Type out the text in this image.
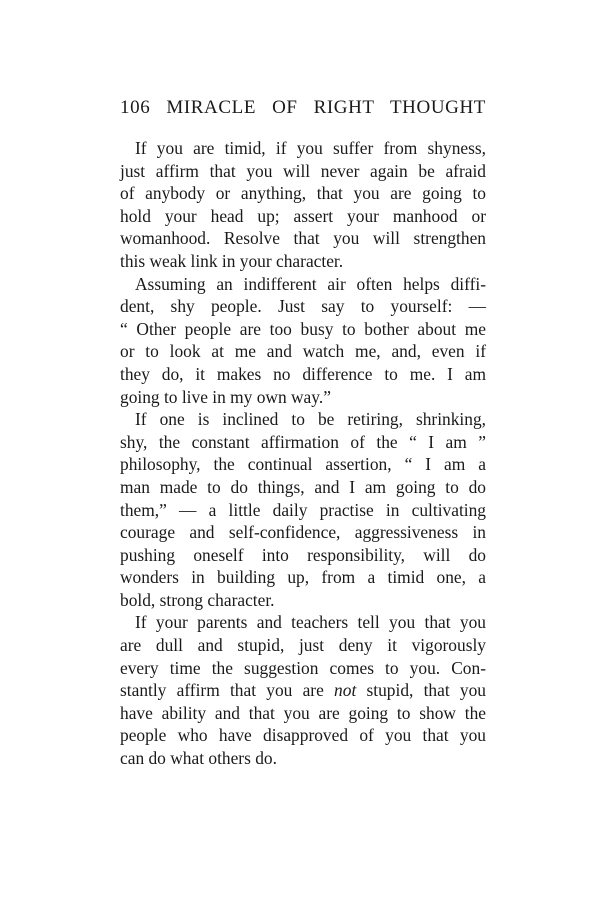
106 MIRACLE OF RIGHT THOUGHT
If you are timid, if you suffer from shyness,
just affirm that you will never again be afraid
of anybody or anything, that you are going to
hold your head up; assert your manhood or
womanhood. Resolve that you will strengthen
this weak link in your character.
Assuming an indifferent air often helps diffi-
dent, shy people. Just say to yourself: —
“ Other people are too busy to bother about me
or to look at me and watch me, and, even if
they do, it makes no difference to me. I am
going to live in my own way.”
If one is inclined to be retiring, shrinking,
shy, the constant affirmation of the “ I am ”
philosophy, the continual assertion, “ I am a
man made to do things, and I am going to do
them,” — a little daily practise in cultivating
courage and self-confidence, aggressiveness in
pushing oneself into responsibility, will do
wonders in building up, from a timid one, a
bold, strong character.
If your parents and teachers tell you that you
are dull and stupid, just deny it vigorously
every time the suggestion comes to you. Con-
stantly affirm that you are not stupid, that you
have ability and that you are going to show the
people who have disapproved of you that you
can do what others do.
